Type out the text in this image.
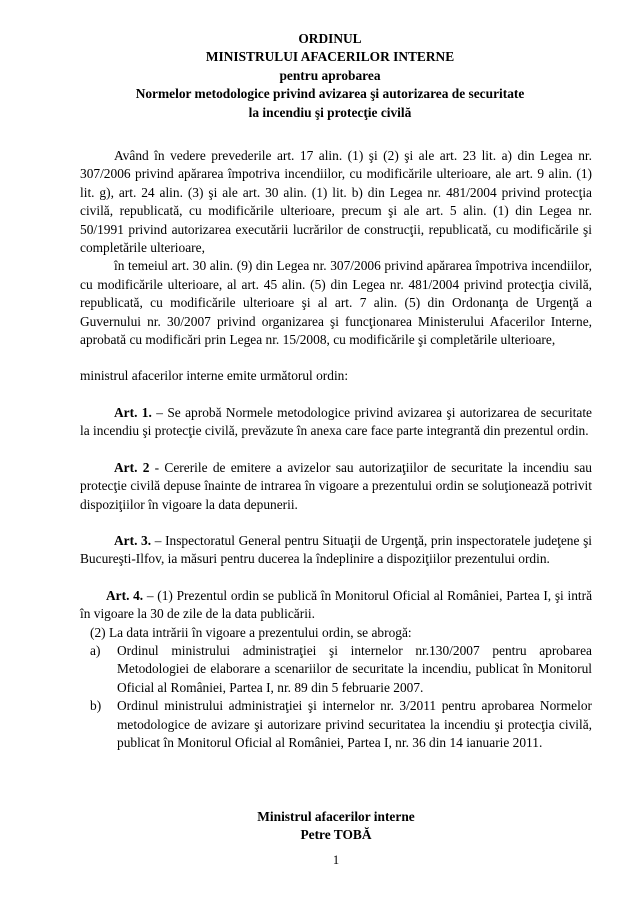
ORDINUL
MINISTRULUI AFACERILOR INTERNE
pentru aprobarea
Normelor metodologice privind avizarea şi autorizarea de securitate
la incendiu şi protecţie civilă

Având în vedere prevederile art. 17 alin. (1) şi (2) şi ale art. 23 lit. a) din Legea nr. 307/2006 privind apărarea împotriva incendiilor, cu modificările ulterioare, ale art. 9 alin. (1) lit. g), art. 24 alin. (3) şi ale art. 30 alin. (1) lit. b) din Legea nr. 481/2004 privind protecţia civilă, republicată, cu modificările ulterioare, precum şi ale art. 5 alin. (1) din Legea nr. 50/1991 privind autorizarea executării lucrărilor de construcţii, republicată, cu modificările şi completările ulterioare,

în temeiul art. 30 alin. (9) din Legea nr. 307/2006 privind apărarea împotriva incendiilor, cu modificările ulterioare, al art. 45 alin. (5) din Legea nr. 481/2004 privind protecţia civilă, republicată, cu modificările ulterioare şi al art. 7 alin. (5) din Ordonanţa de Urgenţă a Guvernului nr. 30/2007 privind organizarea şi funcţionarea Ministerului Afacerilor Interne, aprobată cu modificări prin Legea nr. 15/2008, cu modificările şi completările ulterioare,

ministrul afacerilor interne emite următorul ordin:

Art. 1. – Se aprobă Normele metodologice privind avizarea şi autorizarea de securitate la incendiu şi protecţie civilă, prevăzute în anexa care face parte integrantă din prezentul ordin.

Art. 2 - Cererile de emitere a avizelor sau autorizaţiilor de securitate la incendiu sau protecţie civilă depuse înainte de intrarea în vigoare a prezentului ordin se soluţionează potrivit dispoziţiilor în vigoare la data depunerii.

Art. 3. – Inspectoratul General pentru Situaţii de Urgenţă, prin inspectoratele judeţene şi Bucureşti-Ilfov, ia măsuri pentru ducerea la îndeplinire a dispoziţiilor prezentului ordin.

Art. 4. – (1) Prezentul ordin se publică în Monitorul Oficial al României, Partea I, şi intră în vigoare la 30 de zile de la data publicării.

(2) La data intrării în vigoare a prezentului ordin, se abrogă:

a) Ordinul ministrului administraţiei şi internelor nr.130/2007 pentru aprobarea Metodologiei de elaborare a scenariilor de securitate la incendiu, publicat în Monitorul Oficial al României, Partea I, nr. 89 din 5 februarie 2007.
b) Ordinul ministrului administraţiei şi internelor nr. 3/2011 pentru aprobarea Normelor metodologice de avizare şi autorizare privind securitatea la incendiu şi protecţia civilă, publicat în Monitorul Oficial al României, Partea I, nr. 36 din 14 ianuarie 2011.
Ministrul afacerilor interne
Petre TOBĂ
1
